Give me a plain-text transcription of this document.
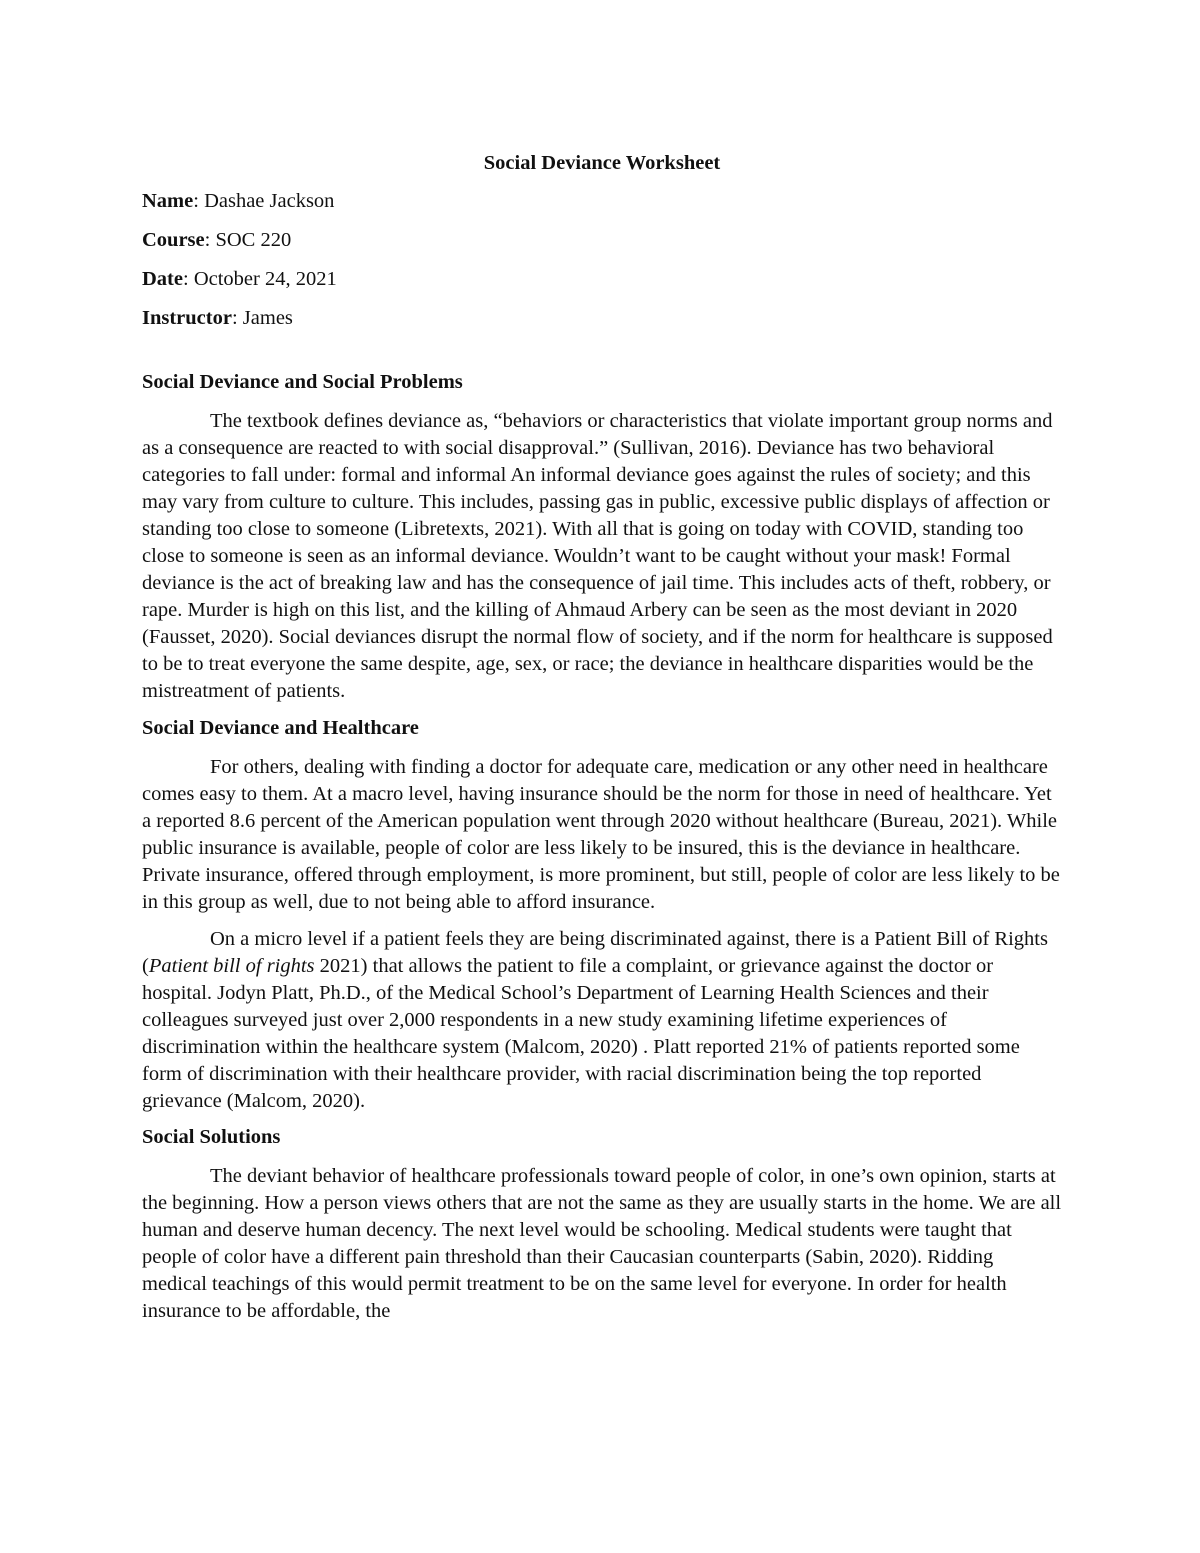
Social Deviance Worksheet
Name: Dashae Jackson
Course: SOC 220
Date: October 24, 2021
Instructor: James
Social Deviance and Social Problems

The textbook defines deviance as, “behaviors or characteristics that violate important group norms and as a consequence are reacted to with social disapproval.” (Sullivan, 2016). Deviance has two behavioral categories to fall under: formal and informal An informal deviance goes against the rules of society; and this may vary from culture to culture. This includes, passing gas in public, excessive public displays of affection or standing too close to someone (Libretexts, 2021). With all that is going on today with COVID, standing too close to someone is seen as an informal deviance. Wouldn’t want to be caught without your mask! Formal deviance is the act of breaking law and has the consequence of jail time. This includes acts of theft, robbery, or rape. Murder is high on this list, and the killing of Ahmaud Arbery can be seen as the most deviant in 2020 (Fausset, 2020). Social deviances disrupt the normal flow of society, and if the norm for healthcare is supposed to be to treat everyone the same despite, age, sex, or race; the deviance in healthcare disparities would be the mistreatment of patients.

Social Deviance and Healthcare

For others, dealing with finding a doctor for adequate care, medication or any other need in healthcare comes easy to them. At a macro level, having insurance should be the norm for those in need of healthcare. Yet a reported 8.6 percent of the American population went through 2020 without healthcare (Bureau, 2021). While public insurance is available, people of color are less likely to be insured, this is the deviance in healthcare. Private insurance, offered through employment, is more prominent, but still, people of color are less likely to be in this group as well, due to not being able to afford insurance.

On a micro level if a patient feels they are being discriminated against, there is a Patient Bill of Rights (Patient bill of rights 2021) that allows the patient to file a complaint, or grievance against the doctor or hospital. Jodyn Platt, Ph.D., of the Medical School’s Department of Learning Health Sciences and their colleagues surveyed just over 2,000 respondents in a new study examining lifetime experiences of discrimination within the healthcare system (Malcom, 2020) . Platt reported 21% of patients reported some form of discrimination with their healthcare provider, with racial discrimination being the top reported grievance (Malcom, 2020).

Social Solutions

The deviant behavior of healthcare professionals toward people of color, in one’s own opinion, starts at the beginning. How a person views others that are not the same as they are usually starts in the home. We are all human and deserve human decency. The next level would be schooling. Medical students were taught that people of color have a different pain threshold than their Caucasian counterparts (Sabin, 2020). Ridding medical teachings of this would permit treatment to be on the same level for everyone. In order for health insurance to be affordable, the
